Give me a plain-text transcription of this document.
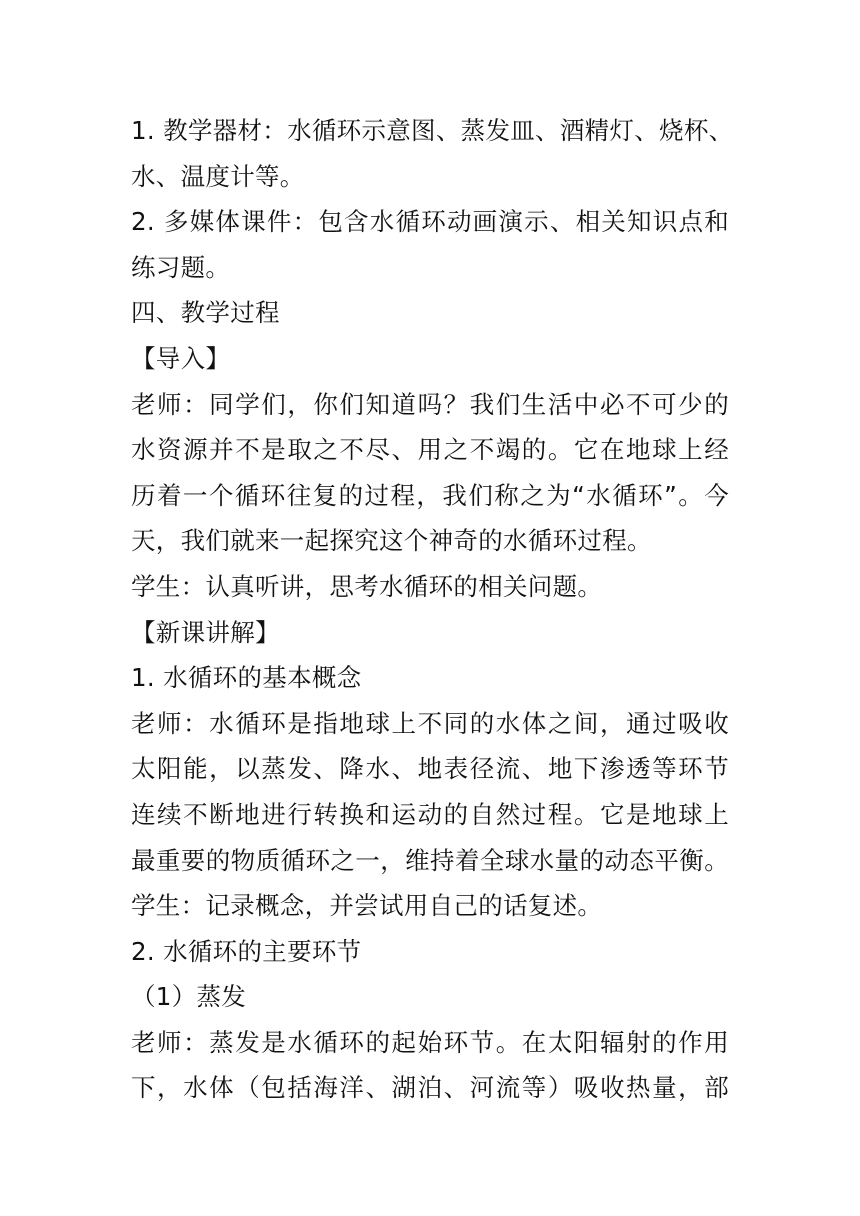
1. 教学器材：水循环示意图、蒸发皿、酒精灯、烧杯、
水、温度计等。
2. 多媒体课件：包含水循环动画演示、相关知识点和
练习题。
四、教学过程
【导入】
老师：同学们，你们知道吗？我们生活中必不可少的
水资源并不是取之不尽、用之不竭的。它在地球上经
历着一个循环往复的过程，我们称之为“水循环”。今
天，我们就来一起探究这个神奇的水循环过程。
学生：认真听讲，思考水循环的相关问题。
【新课讲解】
1. 水循环的基本概念
老师：水循环是指地球上不同的水体之间，通过吸收
太阳能，以蒸发、降水、地表径流、地下渗透等环节
连续不断地进行转换和运动的自然过程。它是地球上
最重要的物质循环之一，维持着全球水量的动态平衡。
学生：记录概念，并尝试用自己的话复述。
2. 水循环的主要环节
（1）蒸发
老师：蒸发是水循环的起始环节。在太阳辐射的作用
下，水体（包括海洋、湖泊、河流等）吸收热量，部
